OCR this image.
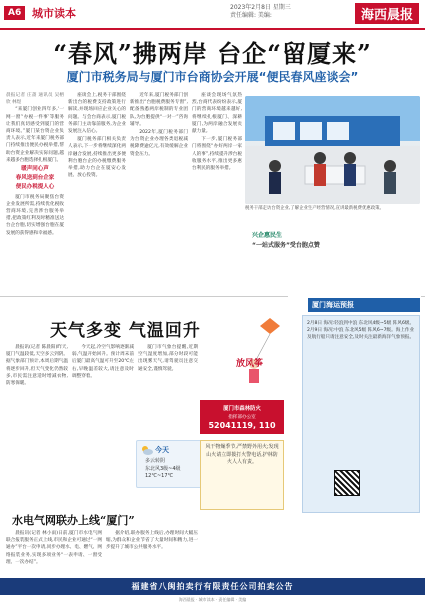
A6 城市读本	2023年2月8日 星期三
责任编辑: 美编:	海西晨报
“春风”拂两岸 台企“留厦来”
厦门市税务局与厦门市台商协会开展“便民春风座谈会”
晨报记者 庄蔷 通讯员 吴榕欣 林煜

“来厦门创业四年多,‘一网一窗’‘办税一件事’等服务让我们真切感受到厦门的营商环境。”厦门某台资企业负责人表示,近年来厦门税务部门持续推出便民办税举措,帮助台资企业解决实际问题,越来越多台胞选择扎根厦门。

暖声同心声
春风送到台企家
便民办税提人心

厦门市税务局聚焦台资企业发展所需,持续优化税收营商环境,完善涉台服务举措,把政策红利及时精准送达台企台胞,切实增强台胞在厦发展的获得感和幸福感。

座谈会上,税务干部围绕新出台的税费支持政策进行解读,并现场回应企业关心的问题。与会台商表示,厦门税务部门主动靠前服务,为企业发展注入信心。

厦门税务部门相关负责人表示,下一步将继续深化两岸融合发展,持续推出更多便利台胞台企的办税缴费服务举措,助力台企在厦安心发展、放心投资。

近年来,厦门税务部门创新推出“台胞税费服务专窗”,配备熟悉两岸税制的专业团队,为台胞提供“一对一”咨询辅导。

2022年,厦门税务部门为台资企业办理各类退税减税降费逾亿元,有效缓解企业资金压力。

座谈会现场气氛热烈,台商代表纷纷表示,厦门的营商环境越来越好,将继续扎根厦门、深耕厦门,为两岸融合发展贡献力量。

下一步,厦门税务部门将围绕“办好两岸一家人的事”,持续提升涉台税收服务水平,推出更多惠台利民的服务举措。

税务干部走访台资企业,了解企业生产经营情况,宣讲最新税费优惠政策。
兴企惠民生
“一站式服务”受台胞点赞
天气多变 气温回升

晨报讯(记者 陈晨阳)昨天,厦门气温较低,天空多云到阴。据气象部门预计,本周后期气温将逐步回升,但天气变化仍然较多,市民需注意适时增减衣物,防寒保暖。

今天起,冷空气影响逐渐减弱,气温开始回升。预计周末前后厦门最高气温可升至20℃左右,早晚温差较大,请注意及时调整穿着。

厦门市气象台提醒,近期空气湿度增加,部分时段可能出现雾天气,请驾驶员注意交通安全,谨慎驾驶。

今天
多云转阴
东北风3级~4级
12℃~17℃
放风筝
水电气网联办上线“厦门”

晨报讯(记者 林小雨)日前,厦门市水电气网联合报装服务正式上线,市民和企业可通过“一网通办”平台一次申请,同步办理水、电、燃气、网络报装业务,实现多项业务“一表申请、一窗受理、一次办结”。

据介绍,联办服务上线后,办理时间大幅压缩,为群众和企业节省了大量时间和精力,进一步提升了城市公共服务水平。

厦门市森林防火
指挥部办公室
52041119, 110
风干物燥季节,严禁野外用火;发现山火请立即拨打火警电话,护林防火人人有责。
厦门海运预报
2月8日 海况:轻浪到中浪 东北风4级~5级 阵风6级。2月9日 海况:中浪 东北风5级 阵风6~7级。海上作业及航行船只请注意安全,及时关注最新海洋气象预报。
福建省八闽拍卖行有限责任公司拍卖公告
海西晨报 · 城市读本 · 责任编辑 · 美编
